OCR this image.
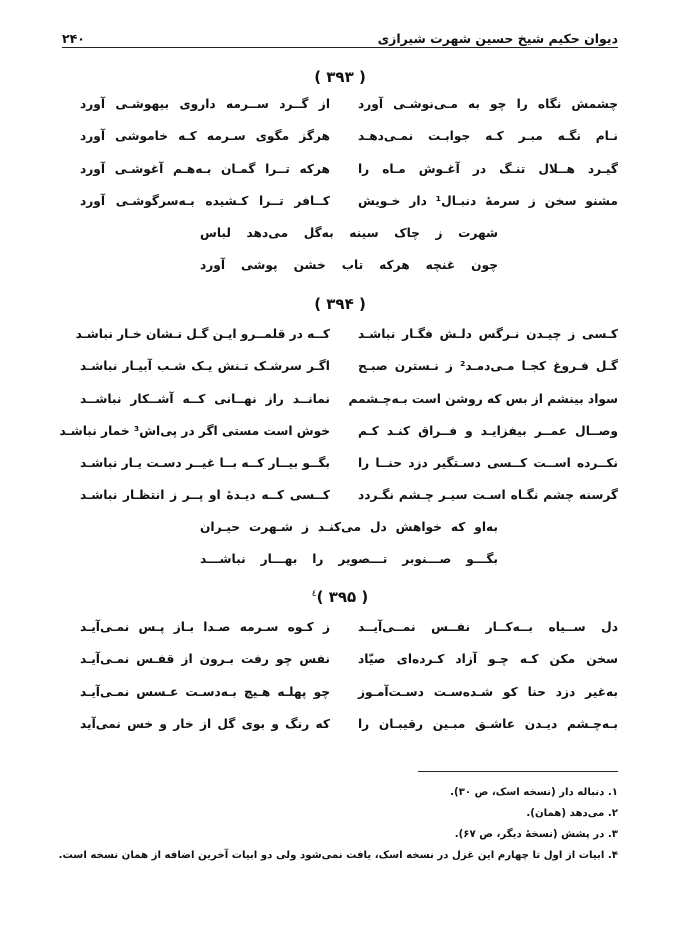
دیوان حکیم شیخ حسین شهرت شیرازی
۲۴۰
( ۳۹۳ )
چشمش نگاه را چو به مـی‌نوشـی آورد
از گــرد ســرمه داروی بیهوشـی آورد
نـام نگـه مبـر کـه جوابـت نمـی‌دهـد
هرگز مگوی سـرمه کـه خاموشی آورد
گیـرد هــلال تنـگ در آغـوش مـاه را
هرکه تــرا گمـان بـه‌هـم آغوشـی آورد
مشنو سخن ز سرمهٔ دنبـال¹ دار خـویش
کــافر تــرا کـشیده بـه‌سرگوشـی آورد
شهرت ز چاک سینه به‌گل می‌دهد لباس
چون غنچه هرکه تاب خشن پوشی آورد
( ۳۹۴ )
کـسی ز چیـدن نـرگس دلـش فگـار نباشـد
کــه در قلمــرو ایـن گـل نـشان خـار نباشـد
گـل فـروغ کجـا مـی‌دمـد² ز نـسترن صبـح
اگـر سرشـک تـنش یـک شـب آبیـار نباشـد
سواد بینشم از بس که روشن است بـه‌چـشمم
نمانــد راز نهــانی کــه آشــکار نباشــد
وصــال عمــر بیفزایـد و فــراق کنـد کـم
خوش است مستی اگر در پی‌اش³ خمار نباشـد
نکــرده اســت کــسی دسـتگیر دزد حنــا را
بگــو بیــار کــه بــا غیــر دسـت یـار نباشـد
گرسنه چشم نگـاه اسـت سیـر چـشم نگـردد
کــسی کــه دیـدهٔ او پــر ز انتظـار نباشـد
به‌او که خواهش دل می‌کنـد ز شـهرت حیـران
بگـــو صـــنوبر تـــصویر را بهـــار نباشـــد
( ۳۹۵ )$^٤$
دل ســیاه بــه‌کــار نفــس نمــی‌آیــد
ز کـوه سـرمه صـدا بـاز پـس نمـی‌آیـد
سخن مکن کـه چـو آزاد کـرده‌ای صیّاد
نفس چو رفت بـرون از قفـس نمـی‌آیـد
به‌غیر دزد حنا کو شـده‌سـت دسـت‌آمـوز
چو پهلـه هـیچ بـه‌دسـت عـسس نمـی‌آیـد
بـه‌چـشم دیـدن عاشـق مبـین رقیبـان را
که رنگ و بوی گل از خار و خس نمی‌آید
۱. دنباله دار (نسخه اسک، ص ۳۰).
۲. می‌دهد (همان).
۳. در پشش (نسخهٔ دیگر، ص ۶۷).
۴. ابیات از اول تا چهارم این غزل در نسخه اسک، یافت نمی‌شود ولی دو ابیات آخرین اضافه از همان نسخه است.
